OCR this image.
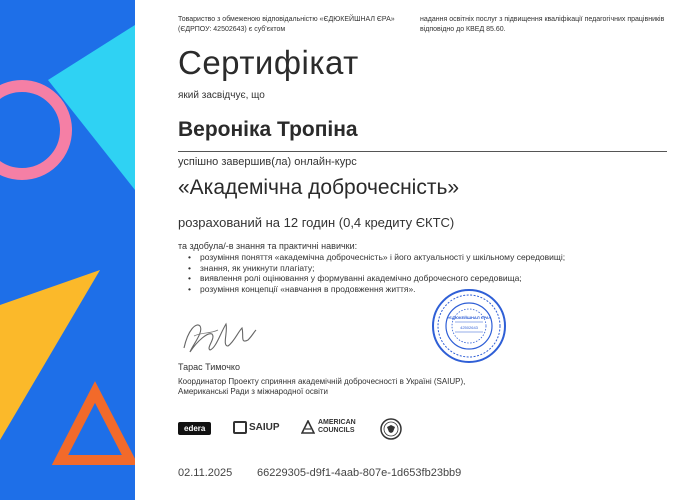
Товариство з обмеженою відповідальністю «ЄДЮКЕЙШНАЛ ЄРА» (ЄДРПОУ: 42502643) є суб'єктом
надання освітніх послуг з підвищення кваліфікації педагогічних працівників відповідно до КВЕД 85.60.
Сертифікат
який засвідчує, що
Вероніка Тропіна
успішно завершив(ла) онлайн-курс
«Академічна доброчесність»
розрахований на 12 годин (0,4 кредиту ЄКТС)
та здобула/-в знання та практичні навички:
• розуміння поняття «академічна доброчесність» і його актуальності у шкільному середовищі;
• знання, як уникнути плагіату;
• виявлення ролі оцінювання у формуванні академічно доброчесного середовища;
• розуміння концепції «навчання в продовження життя».
Тарас Тимочко
Координатор Проекту сприяння академічній доброчесності в Україні (SAIUP), Американські Ради з міжнародної освіти
«ЄДЮКЕЙШНАЛ ЄРА»
42502643
edera	SAIUP	AMERICAN
COUNCILS
02.11.2025	66229305-d9f1-4aab-807e-1d653fb23bb9
